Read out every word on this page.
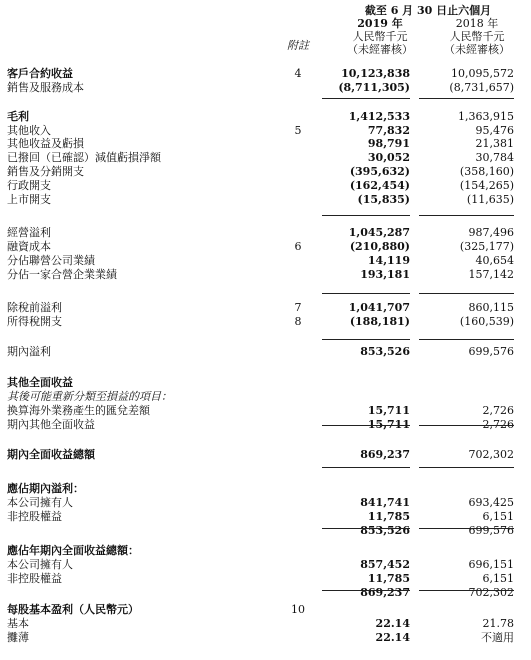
截至 6 月 30 日止六個月
2019 年
人民幣千元
（未經審核）
2018 年
人民幣千元
（未經審核）
附註
客戶合約收益	4	10,123,838	10,095,572
銷售及服務成本	(8,711,305)	(8,731,657)
毛利	1,412,533	1,363,915
其他收入	5	77,832	95,476
其他收益及虧損	98,791	21,381
已撥回（已確認）減值虧損淨額	30,052	30,784
銷售及分銷開支	(395,632)	(358,160)
行政開支	(162,454)	(154,265)
上市開支	(15,835)	(11,635)
經營溢利	1,045,287	987,496
融資成本	6	(210,880)	(325,177)
分佔聯營公司業績	14,119	40,654
分佔一家合營企業業績	193,181	157,142
除稅前溢利	7	1,041,707	860,115
所得稅開支	8	(188,181)	(160,539)
期內溢利	853,526	699,576
其他全面收益
其後可能重新分類至損益的項目：
換算海外業務產生的匯兌差額	15,711	2,726
期內其他全面收益	15,711	2,726
期內全面收益總額	869,237	702,302
應佔期內溢利：
本公司擁有人	841,741	693,425
非控股權益	11,785	6,151
853,526	699,576
應佔年期內全面收益總額：
本公司擁有人	857,452	696,151
非控股權益	11,785	6,151
869,237	702,302
每股基本盈利（人民幣元）	10
基本	22.14	21.78
攤薄	22.14	不適用
